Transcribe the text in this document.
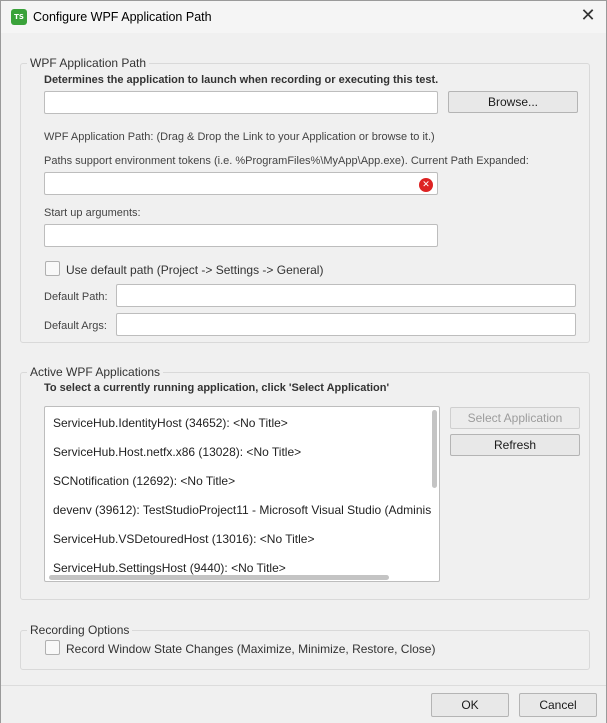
TS Configure WPF Application Path	✕
WPF Application Path
Determines the application to launch when recording or executing this test.
Browse...
WPF Application Path: (Drag & Drop the Link to your Application or browse to it.)
Paths support environment tokens (i.e. %ProgramFiles%\MyApp\App.exe). Current Path Expanded:
✕
Start up arguments:
Use default path (Project -> Settings -> General)
Default Path:
Default Args:
Active WPF Applications
To select a currently running application, click 'Select Application'
ServiceHub.IdentityHost (34652): <No Title>
ServiceHub.Host.netfx.x86 (13028): <No Title>
SCNotification (12692): <No Title>
devenv (39612): TestStudioProject11 - Microsoft Visual Studio (Adminis
ServiceHub.VSDetouredHost (13016): <No Title>
ServiceHub.SettingsHost (9440): <No Title>
Select Application
Refresh
Recording Options
Record Window State Changes (Maximize, Minimize, Restore, Close)
OK	Cancel
